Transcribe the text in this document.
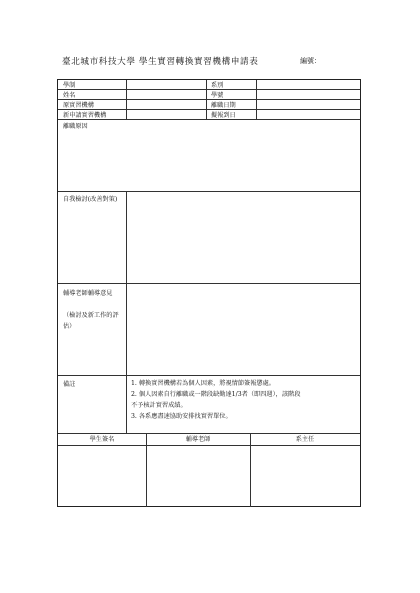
臺北城市科技大學 學生實習轉換實習機構申請表	編號：
學制	系別
姓名	學號
原實習機構	離職日期
新申請實習機構	擬報到日
離職原因
自我檢討(改善對策)
輔導老師輔導意見
（檢討及新工作的評估）
備註	1. 轉換實習機構若為個人因素，將視情節簽報懲處。
2. 個人因素自行離職或一階段缺勤達1/3者（即四週），該階段
不予核計實習成績。
3. 各系應盡速協助安排找實習單位。
學生簽名	輔導老師	系主任
